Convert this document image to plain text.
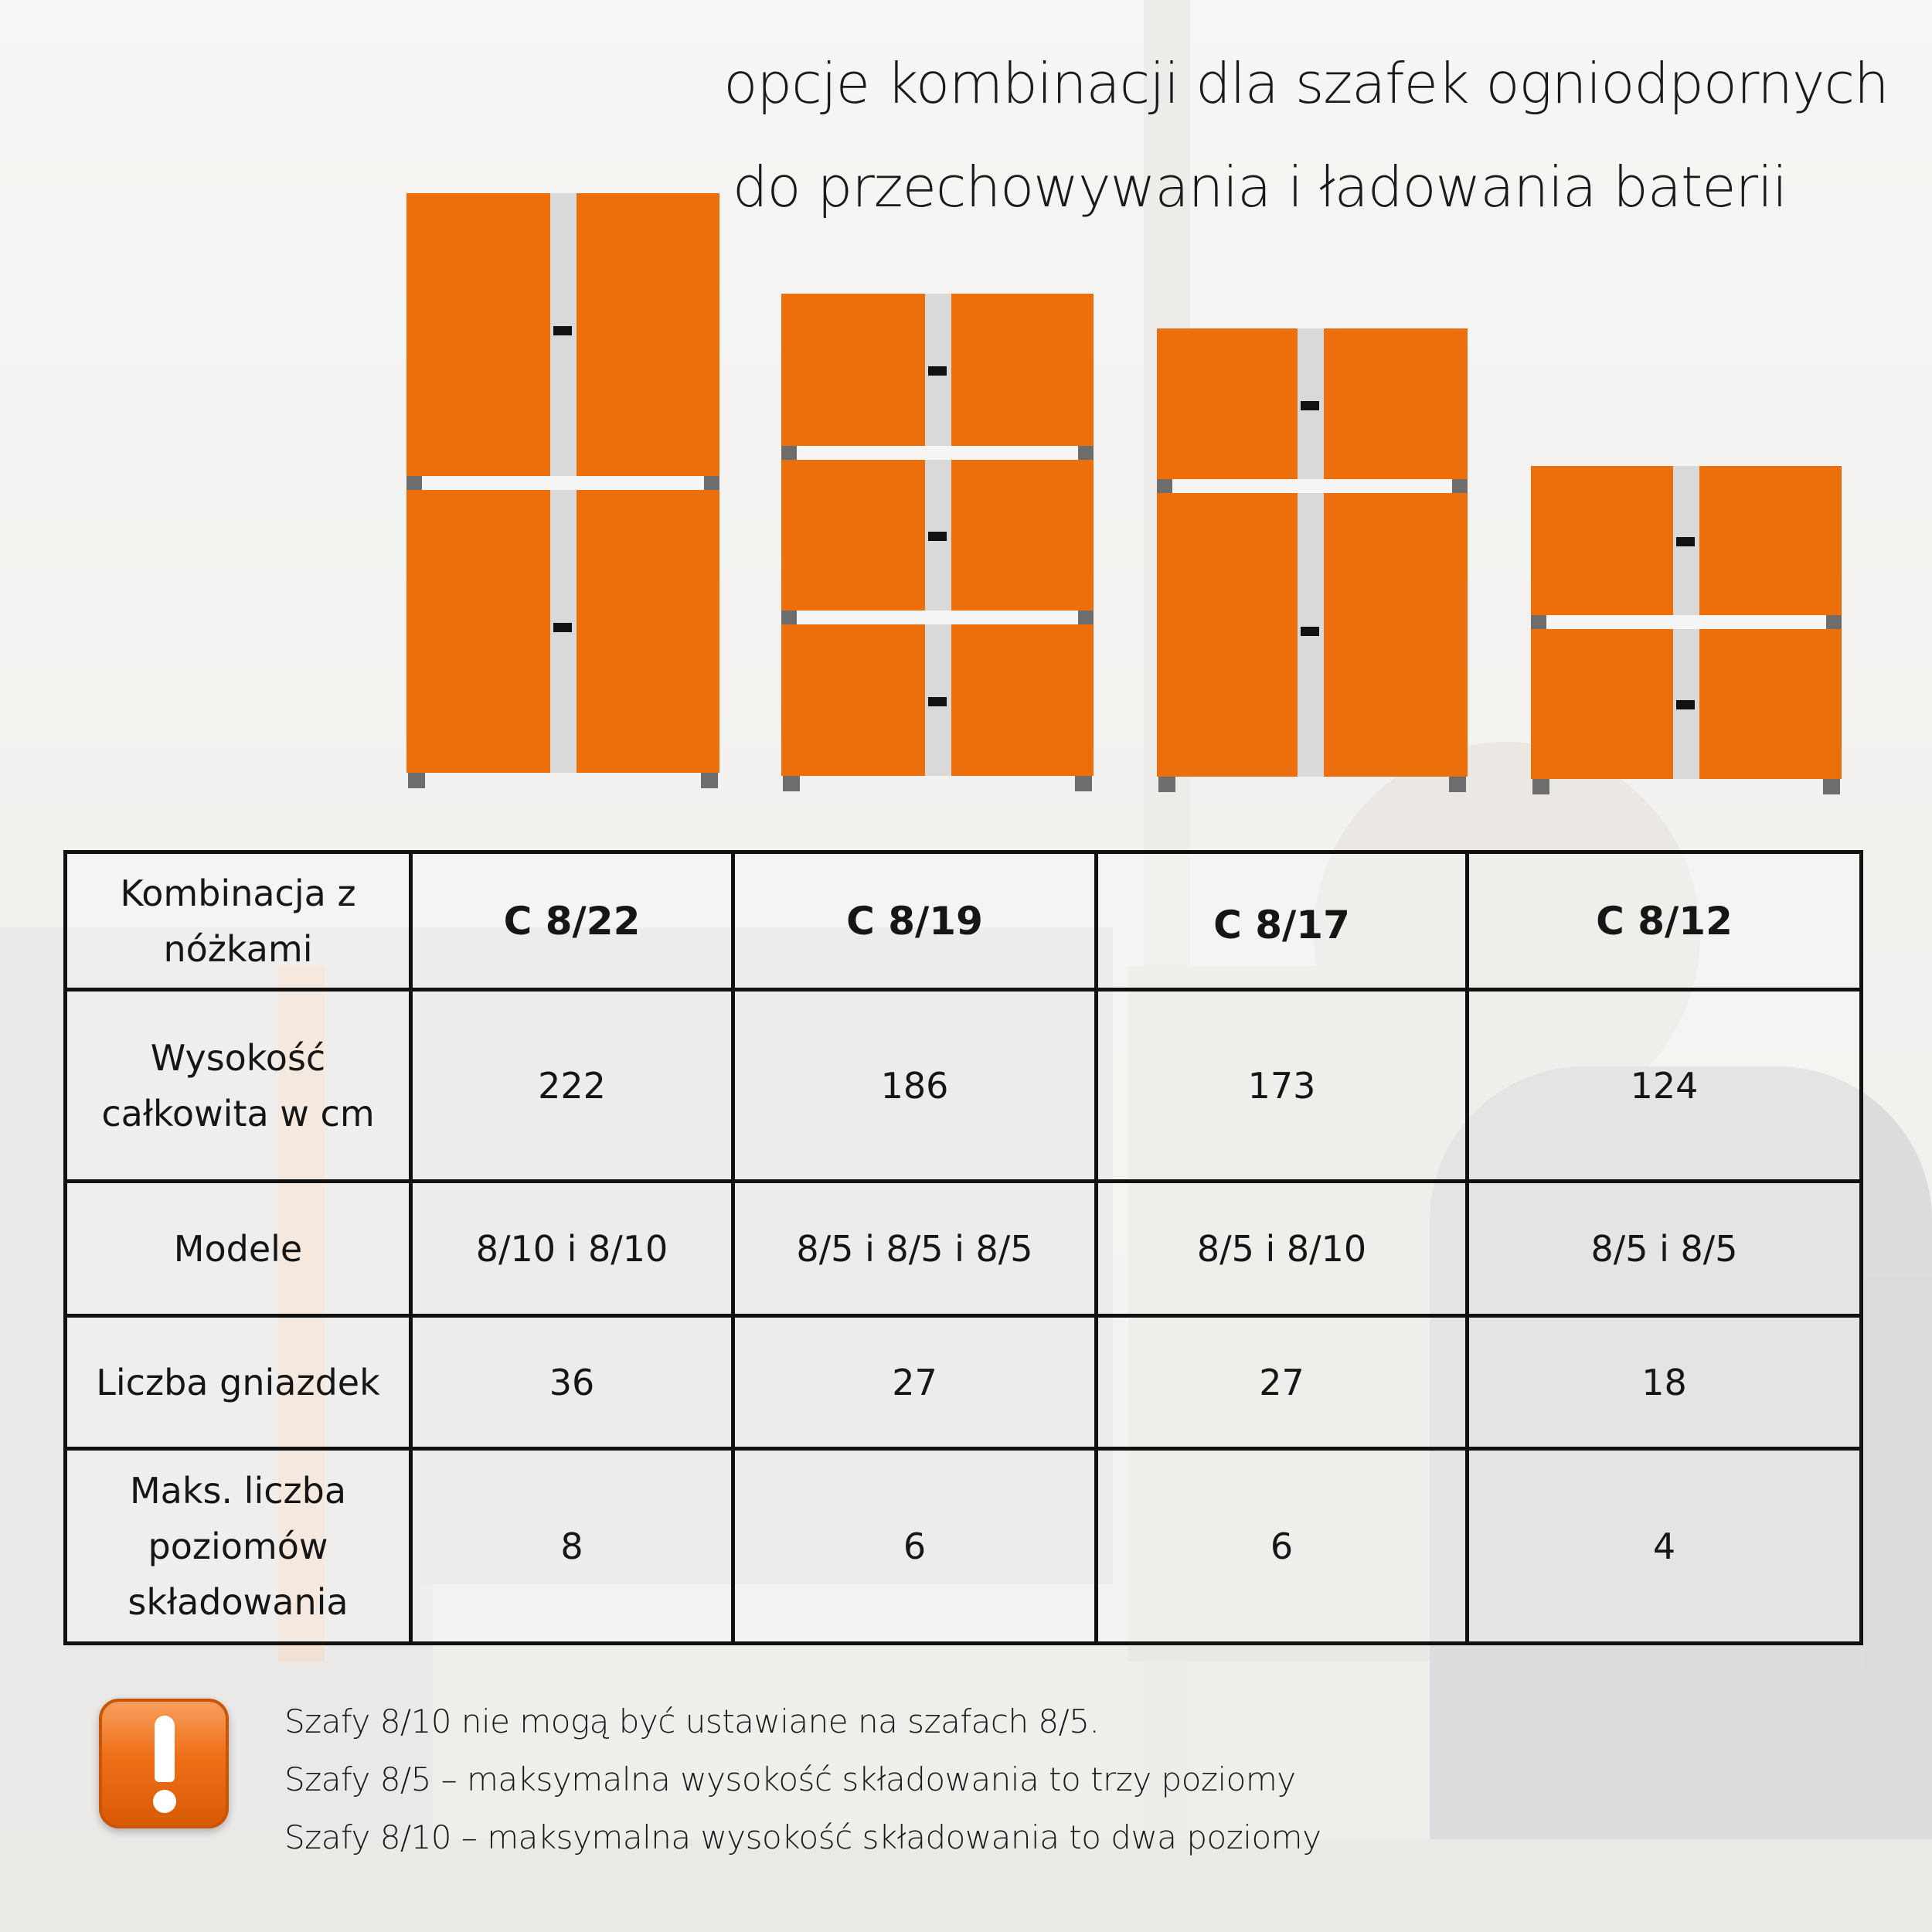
opcje kombinacji dla szafek ogniodpornych
do przechowywania i ładowania baterii
Kombinacja z nóżkami	C 8/22	C 8/19	C 8/17	C 8/12
Wysokość całkowita w cm	222	186	173	124
Modele	8/10 i 8/10	8/5 i 8/5 i 8/5	8/5 i 8/10	8/5 i 8/5
Liczba gniazdek	36	27	27	18
Maks. liczba poziomów składowania	8	6	6	4
Szafy 8/10 nie mogą być ustawiane na szafach 8/5.
Szafy 8/5 – maksymalna wysokość składowania to trzy poziomy
Szafy 8/10 – maksymalna wysokość składowania to dwa poziomy
